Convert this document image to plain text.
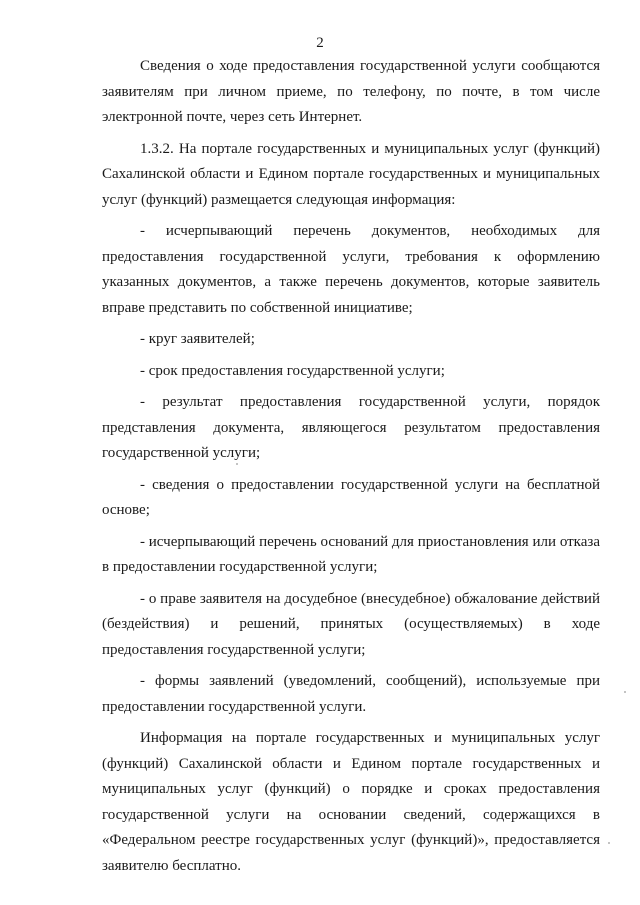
2

Сведения о ходе предоставления государственной услуги сообщаются заявителям при личном приеме, по телефону, по почте, в том числе электронной почте, через сеть Интернет.

1.3.2. На портале государственных и муниципальных услуг (функций) Сахалинской области и Едином портале государственных и муниципальных услуг (функций) размещается следующая информация:

- исчерпывающий перечень документов, необходимых для предоставления государственной услуги, требования к оформлению указанных документов, а также перечень документов, которые заявитель вправе представить по собственной инициативе;

- круг заявителей;

- срок предоставления государственной услуги;

- результат предоставления государственной услуги, порядок представления документа, являющегося результатом предоставления государственной услуги;

- сведения о предоставлении государственной услуги на бесплатной основе;

- исчерпывающий перечень оснований для приостановления или отказа в предоставлении государственной услуги;

- о праве заявителя на досудебное (внесудебное) обжалование действий (бездействия) и решений, принятых (осуществляемых) в ходе предоставления государственной услуги;

- формы заявлений (уведомлений, сообщений), используемые при предоставлении государственной услуги.

Информация на портале государственных и муниципальных услуг (функций) Сахалинской области и Едином портале государственных и муниципальных услуг (функций) о порядке и сроках предоставления государственной услуги на основании сведений, содержащихся в «Федеральном реестре государственных услуг (функций)», предоставляется заявителю бесплатно.
